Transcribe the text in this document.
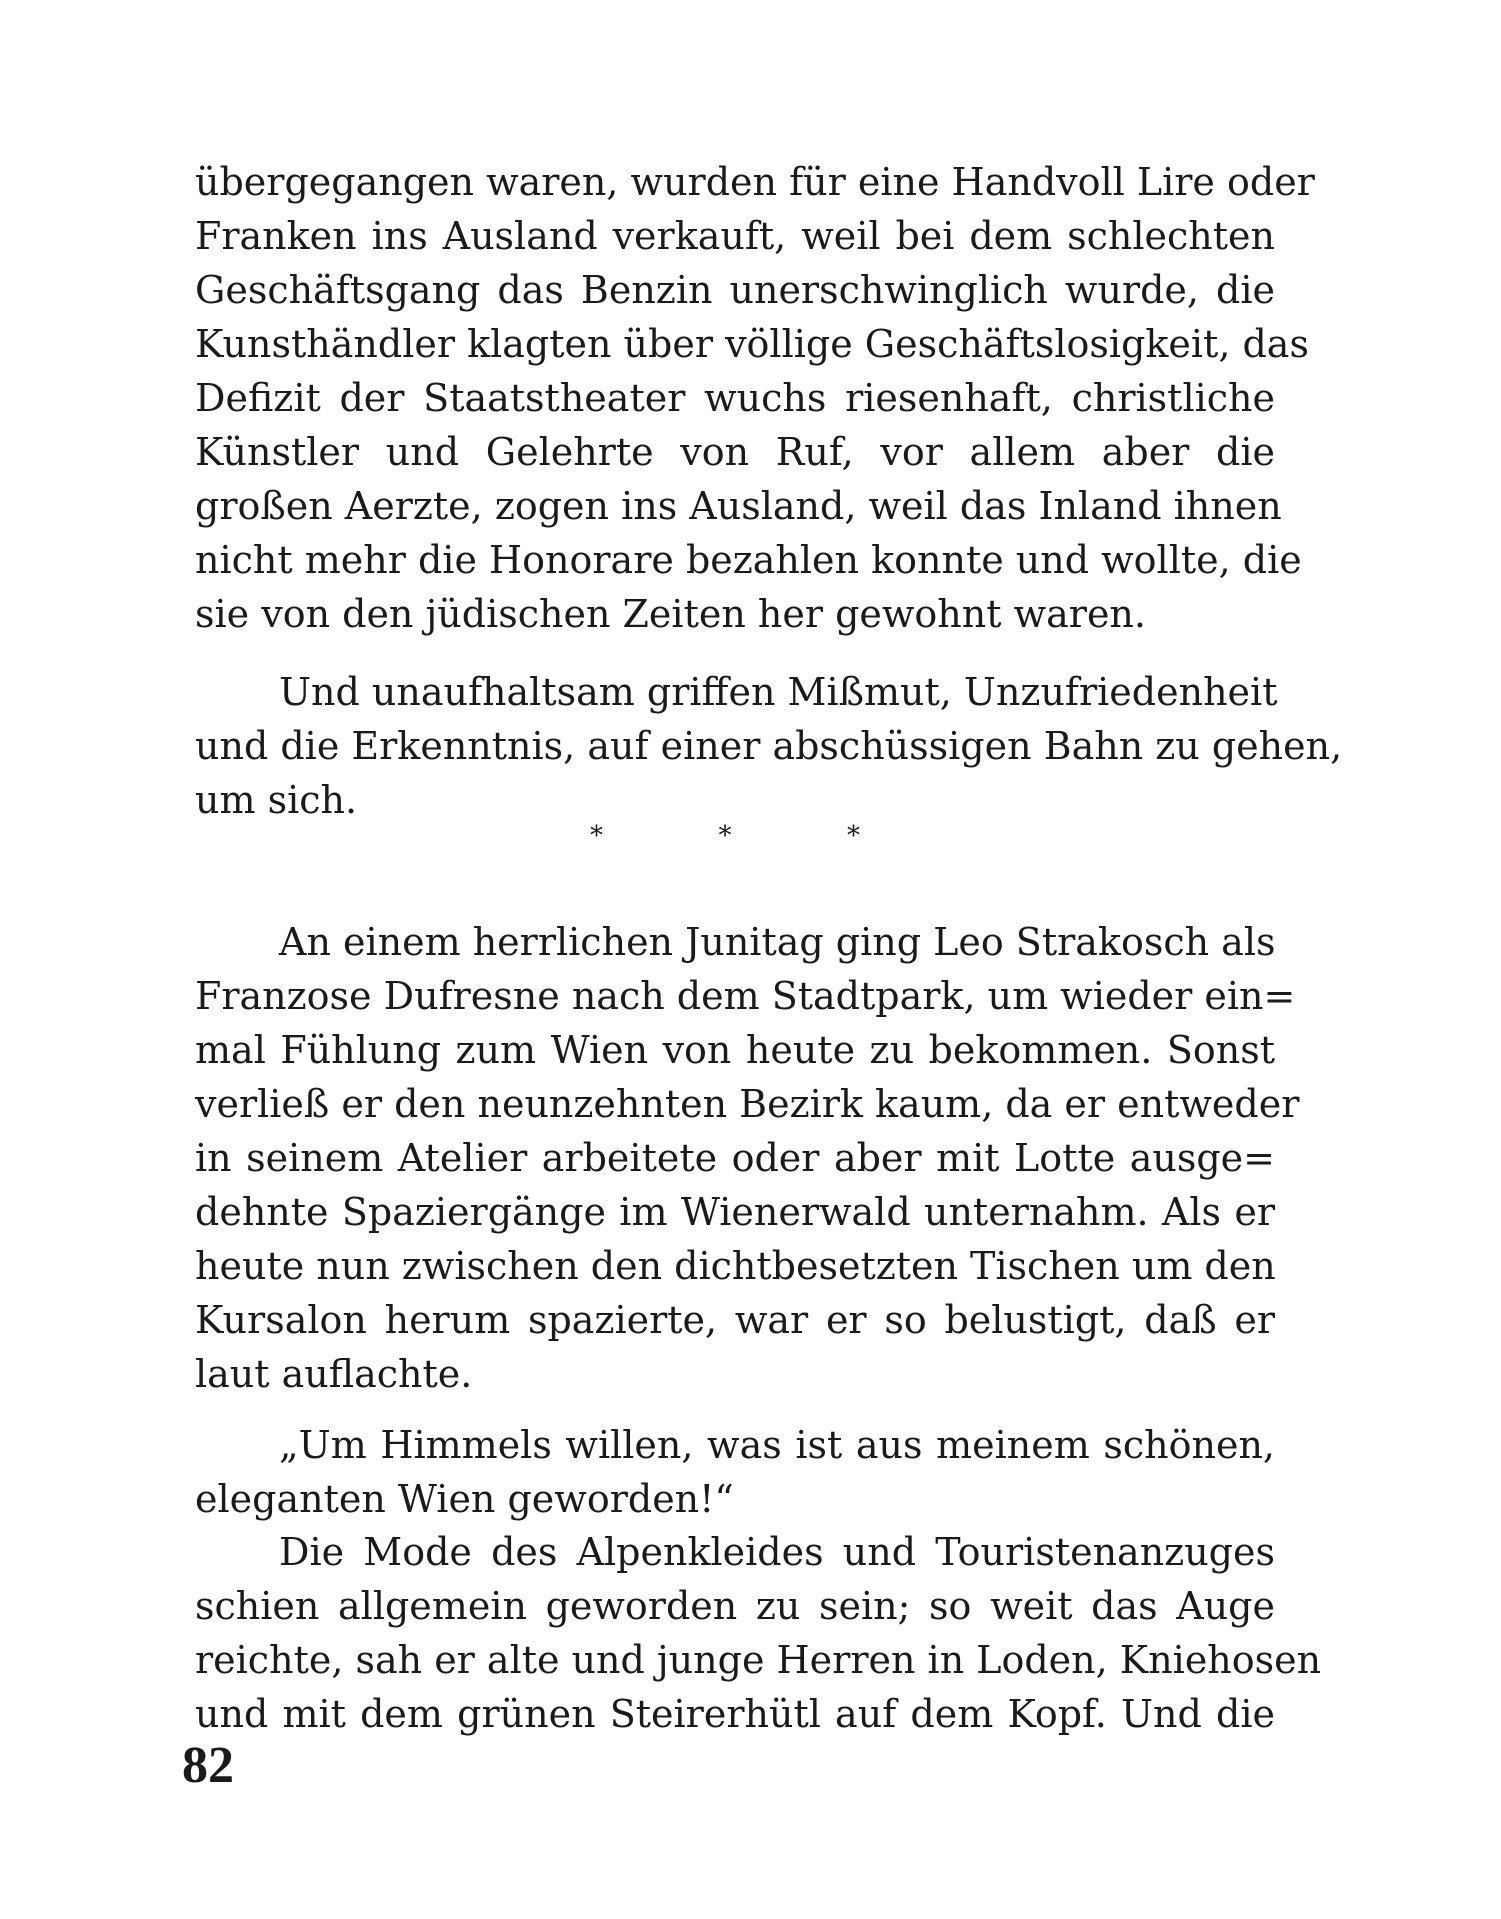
übergegangen waren, wurden für eine Handvoll Lire oder
Franken ins Ausland verkauft, weil bei dem schlechten
Geschäftsgang das Benzin unerschwinglich wurde, die
Kunsthändler klagten über völlige Geschäftslosigkeit, das
Defizit der Staatstheater wuchs riesenhaft, christliche
Künstler und Gelehrte von Ruf, vor allem aber die
großen Aerzte, zogen ins Ausland, weil das Inland ihnen
nicht mehr die Honorare bezahlen konnte und wollte, die
sie von den jüdischen Zeiten her gewohnt waren.
Und unaufhaltsam griffen Mißmut, Unzufriedenheit
und die Erkenntnis, auf einer abschüssigen Bahn zu gehen,
um sich.
*	*	*
An einem herrlichen Junitag ging Leo Strakosch als
Franzose Dufresne nach dem Stadtpark, um wieder ein=
mal Fühlung zum Wien von heute zu bekommen. Sonst
verließ er den neunzehnten Bezirk kaum, da er entweder
in seinem Atelier arbeitete oder aber mit Lotte ausge=
dehnte Spaziergänge im Wienerwald unternahm. Als er
heute nun zwischen den dichtbesetzten Tischen um den
Kursalon herum spazierte, war er so belustigt, daß er
laut auflachte.
„Um Himmels willen, was ist aus meinem schönen,
eleganten Wien geworden!“
Die Mode des Alpenkleides und Touristenanzuges
schien allgemein geworden zu sein; so weit das Auge
reichte, sah er alte und junge Herren in Loden, Kniehosen
und mit dem grünen Steirerhütl auf dem Kopf. Und die
82
